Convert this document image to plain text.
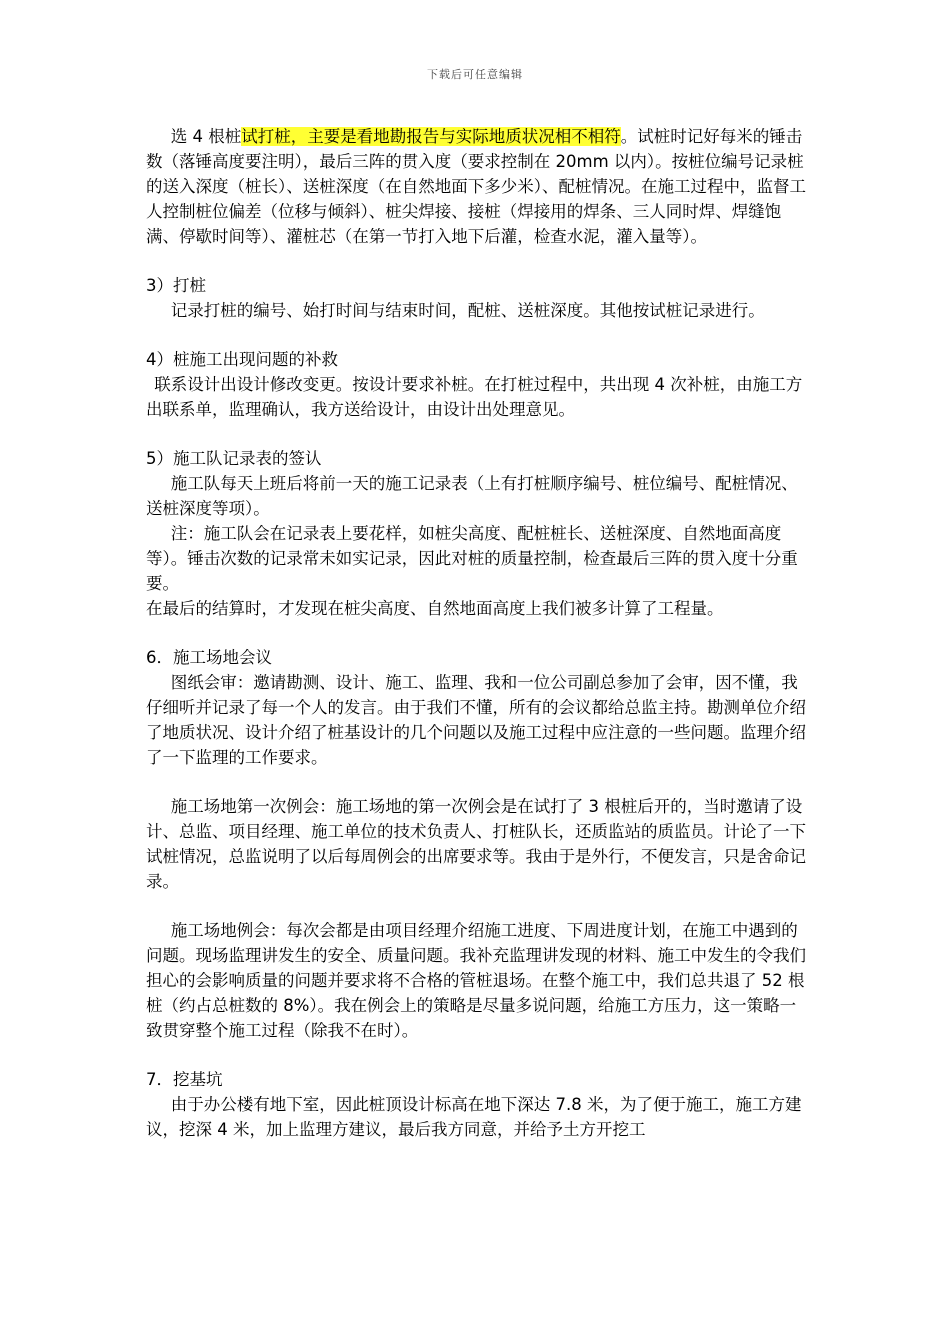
下载后可任意编辑

选 4 根桩试打桩，主要是看地勘报告与实际地质状况相不相符。试桩时记好每米的锤击数（落锤高度要注明），最后三阵的贯入度（要求控制在 20mm 以内）。按桩位编号记录桩的送入深度（桩长）、送桩深度（在自然地面下多少米）、配桩情况。在施工过程中，监督工人控制桩位偏差（位移与倾斜）、桩尖焊接、接桩（焊接用的焊条、三人同时焊、焊缝饱满、停歇时间等）、灌桩芯（在第一节打入地下后灌，检查水泥，灌入量等）。

3）打桩

记录打桩的编号、始打时间与结束时间，配桩、送桩深度。其他按试桩记录进行。

4）桩施工出现问题的补救

联系设计出设计修改变更。按设计要求补桩。在打桩过程中，共出现 4 次补桩，由施工方出联系单，监理确认，我方送给设计，由设计出处理意见。

5）施工队记录表的签认

施工队每天上班后将前一天的施工记录表（上有打桩顺序编号、桩位编号、配桩情况、送桩深度等项）。

注：施工队会在记录表上要花样，如桩尖高度、配桩桩长、送桩深度、自然地面高度等）。锤击次数的记录常未如实记录，因此对桩的质量控制，检查最后三阵的贯入度十分重要。

在最后的结算时，才发现在桩尖高度、自然地面高度上我们被多计算了工程量。

6．施工场地会议

图纸会审：邀请勘测、设计、施工、监理、我和一位公司副总参加了会审，因不懂，我仔细听并记录了每一个人的发言。由于我们不懂，所有的会议都给总监主持。勘测单位介绍了地质状况、设计介绍了桩基设计的几个问题以及施工过程中应注意的一些问题。监理介绍了一下监理的工作要求。

施工场地第一次例会：施工场地的第一次例会是在试打了 3 根桩后开的，当时邀请了设计、总监、项目经理、施工单位的技术负责人、打桩队长，还质监站的质监员。计论了一下试桩情况，总监说明了以后每周例会的出席要求等。我由于是外行，不便发言，只是舍命记录。

施工场地例会：每次会都是由项目经理介绍施工进度、下周进度计划，在施工中遇到的问题。现场监理讲发生的安全、质量问题。我补充监理讲发现的材料、施工中发生的令我们担心的会影响质量的问题并要求将不合格的管桩退场。在整个施工中，我们总共退了 52 根桩（约占总桩数的 8%）。我在例会上的策略是尽量多说问题，给施工方压力，这一策略一致贯穿整个施工过程（除我不在时）。

7．挖基坑

由于办公楼有地下室，因此桩顶设计标高在地下深达 7.8 米，为了便于施工，施工方建议，挖深 4 米，加上监理方建议，最后我方同意，并给予土方开挖工
